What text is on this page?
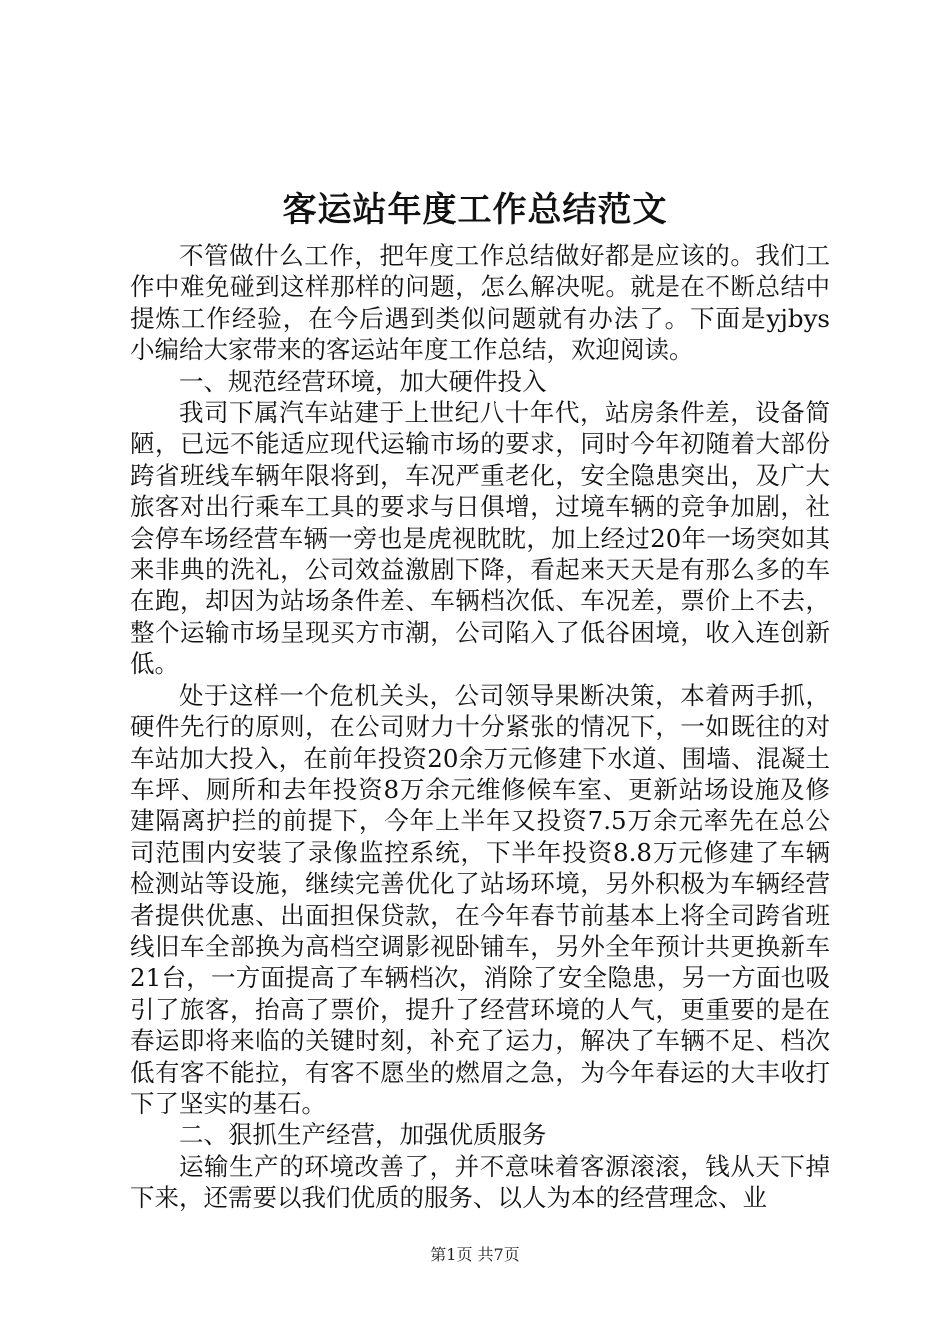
客运站年度工作总结范文

不管做什么工作，把年度工作总结做好都是应该的。我们工作中难免碰到这样那样的问题，怎么解决呢。就是在不断总结中提炼工作经验，在今后遇到类似问题就有办法了。下面是yjbys小编给大家带来的客运站年度工作总结，欢迎阅读。

一、规范经营环境，加大硬件投入

我司下属汽车站建于上世纪八十年代，站房条件差，设备简陋，已远不能适应现代运输市场的要求，同时今年初随着大部份跨省班线车辆年限将到，车况严重老化，安全隐患突出，及广大旅客对出行乘车工具的要求与日俱增，过境车辆的竞争加剧，社会停车场经营车辆一旁也是虎视眈眈，加上经过20年一场突如其来非典的洗礼，公司效益激剧下降，看起来天天是有那么多的车在跑，却因为站场条件差、车辆档次低、车况差，票价上不去，整个运输市场呈现买方市潮，公司陷入了低谷困境，收入连创新低。

处于这样一个危机关头，公司领导果断决策，本着两手抓，硬件先行的原则，在公司财力十分紧张的情况下，一如既往的对车站加大投入，在前年投资20余万元修建下水道、围墙、混凝土车坪、厕所和去年投资8万余元维修候车室、更新站场设施及修建隔离护拦的前提下，今年上半年又投资7.5万余元率先在总公司范围内安装了录像监控系统，下半年投资8.8万元修建了车辆检测站等设施，继续完善优化了站场环境，另外积极为车辆经营者提供优惠、出面担保贷款，在今年春节前基本上将全司跨省班线旧车全部换为高档空调影视卧铺车，另外全年预计共更换新车21台，一方面提高了车辆档次，消除了安全隐患，另一方面也吸引了旅客，抬高了票价，提升了经营环境的人气，更重要的是在春运即将来临的关键时刻，补充了运力，解决了车辆不足、档次低有客不能拉，有客不愿坐的燃眉之急，为今年春运的大丰收打下了坚实的基石。

二、狠抓生产经营，加强优质服务

运输生产的环境改善了，并不意味着客源滚滚，钱从天下掉下来，还需要以我们优质的服务、以人为本的经营理念、业

第1页 共7页
